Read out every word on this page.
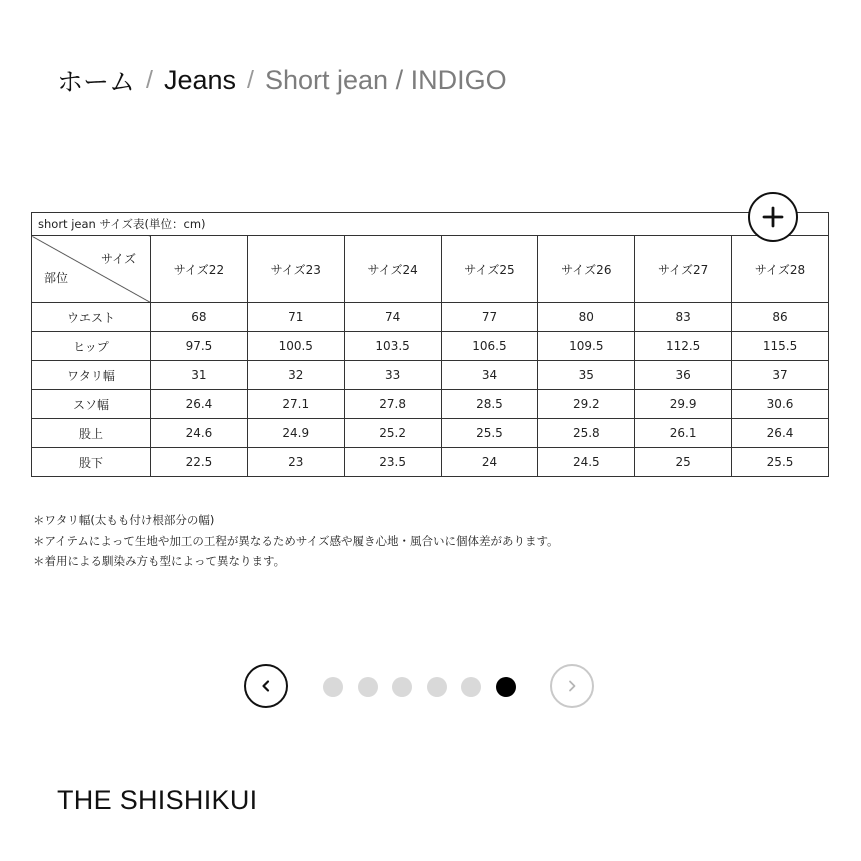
ホーム / Jeans / Short jean / INDIGO
short jean サイズ表(単位：cm)							

サイズ
部位	サイズ22	サイズ23	サイズ24	サイズ25	サイズ26	サイズ27	サイズ28
ウエスト	68	71	74	77	80	83	86
ヒップ	97.5	100.5	103.5	106.5	109.5	112.5	115.5
ワタリ幅	31	32	33	34	35	36	37
スソ幅	26.4	27.1	27.8	28.5	29.2	29.9	30.6
股上	24.6	24.9	25.2	25.5	25.8	26.1	26.4
股下	22.5	23	23.5	24	24.5	25	25.5
＊ワタリ幅(太もも付け根部分の幅)
＊アイテムによって生地や加工の工程が異なるためサイズ感や履き心地・風合いに個体差があります。
＊着用による馴染み方も型によって異なります。
THE SHISHIKUI
